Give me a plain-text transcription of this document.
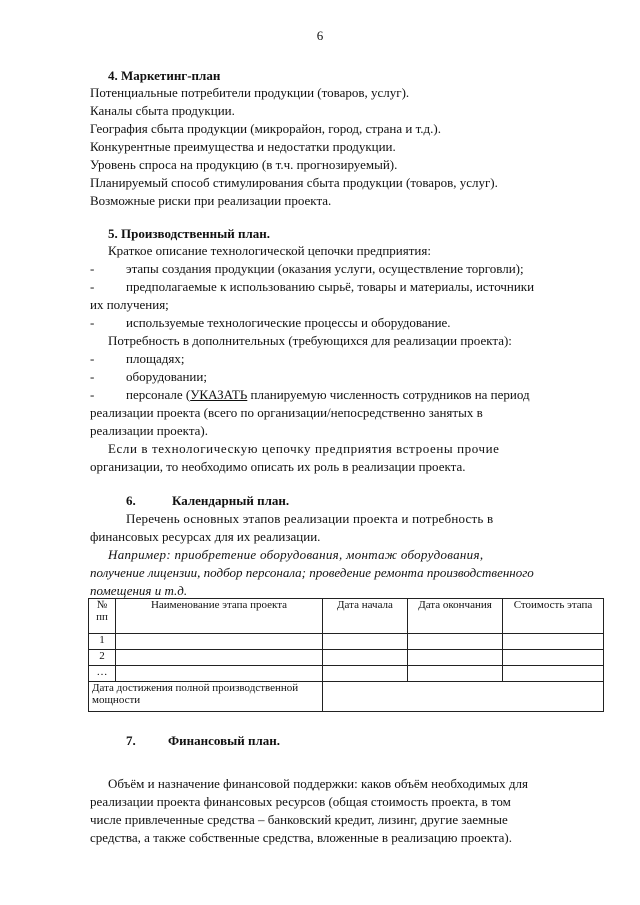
6
4. Маркетинг-план
Потенциальные потребители продукции (товаров, услуг).
Каналы сбыта продукции.
География сбыта продукции (микрорайон, город, страна и т.д.).
Конкурентные преимущества и недостатки продукции.
Уровень спроса на продукцию (в т.ч. прогнозируемый).
Планируемый способ стимулирования сбыта продукции (товаров, услуг).
Возможные риски при реализации проекта.
5. Производственный план.
Краткое описание технологической цепочки предприятия:
- этапы создания продукции (оказания услуги, осуществление торговли);
- предполагаемые к использованию сырьё, товары и материалы, источники
их получения;
- используемые технологические процессы и оборудование.
Потребность в дополнительных (требующихся для реализации проекта):
- площадях;
- оборудовании;
- персонале (УКАЗАТЬ планируемую численность сотрудников на период
реализации проекта (всего по организации/непосредственно занятых в
реализации проекта).
Если в технологическую цепочку предприятия встроены прочие
организации, то необходимо описать их роль в реализации проекта.
6.	Календарный план.
Перечень основных этапов реализации проекта и потребность в
финансовых ресурсах для их реализации.
Например: приобретение оборудования, монтаж оборудования,
получение лицензии, подбор персонала; проведение ремонта производственного
помещения и т.д.
№ пп	Наименование этапа проекта	Дата начала	Дата окончания	Стоимость этапа
1				
2				
…				
Дата достижения полной производственной мощности				
7. Финансовый план.
Объём и назначение финансовой поддержки: каков объём необходимых для
реализации проекта финансовых ресурсов (общая стоимость проекта, в том
числе привлеченные средства – банковский кредит, лизинг, другие заемные
средства, а также собственные средства, вложенные в реализацию проекта).
